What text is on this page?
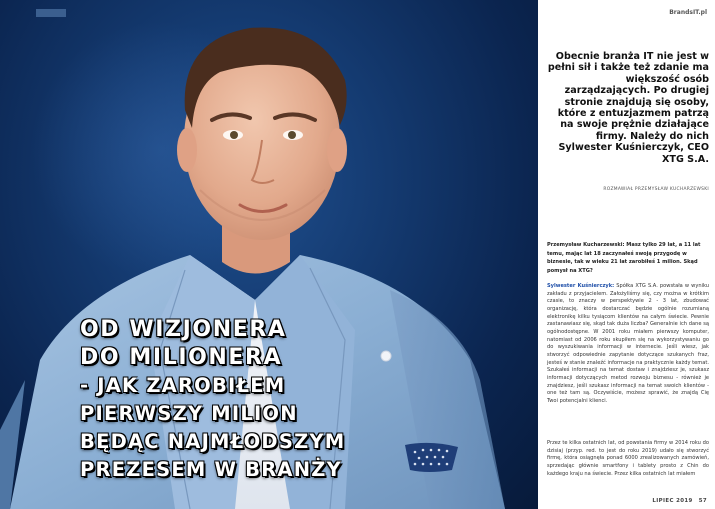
OD WIZJONERA
DO MILIONERA
- JAK ZAROBIŁEM
PIERWSZY MILION
BĘDĄC NAJMŁODSZYM
PREZESEM W BRANŻY
BrandsIT.pl

Obecnie branża IT nie jest w pełni sił i także też zdanie ma większość osób zarządzających. Po drugiej stronie znajdują się osoby, które z entuzjazmem patrzą na swoje prężnie działające firmy. Należy do nich Sylwester Kuśnierczyk, CEO XTG S.A.

ROZMAWIAŁ PRZEMYSŁAW KUCHARZEWSKI

Przemysław Kucharzewski: Masz tylko 29 lat, a 11 lat temu, mając lat 18 zaczynałeś swoją przygodę w biznesie, tak w wieku 21 lat zarobiłeś 1 milion. Skąd pomysł na XTG?

Sylwester Kuśnierczyk: Spółka XTG S.A. powstała w wyniku zakładu z przyjacielem. Założyliśmy się, czy można w krótkim czasie, to znaczy w perspektywie 2 - 3 lat, zbudować organizację, która dostarczać będzie ogólnie rozumianą elektronikę kilku tysiącom klientów na całym świecie. Pewnie zastanawiasz się, skąd tak duża liczba? Generalnie ich dane są ogólnodostępne. W 2001 roku miałem pierwszy komputer, natomiast od 2006 roku skupiłem się na wykorzystywaniu go do wyszukiwania informacji w internecie. Jeśli wiesz, jak stworzyć odpowiednie zapytanie dotyczące szukanych fraz, jesteś w stanie znaleźć informacje na praktycznie każdy temat. Szukałeś informacji na temat dostaw i znajdziesz je, szukasz informacji dotyczących metod rozwoju biznesu - również je znajdziesz, jeśli szukasz informacji na temat swoich klientów - one też tam są. Oczywiście, możesz sprawić, że znajdą Cię Twoi potencjalni klienci.

Przez te kilka ostatnich lat, od powstania firmy w 2014 roku do dzisiaj (przyp. red. to jest do roku 2019) udało się stworzyć firmę, która osiągnęła ponad 6000 zrealizowanych zamówień, sprzedając głównie smartfony i tablety prosto z Chin do każdego kraju na świecie. Przez kilka ostatnich lat miałem

LIPIEC 2019 57
